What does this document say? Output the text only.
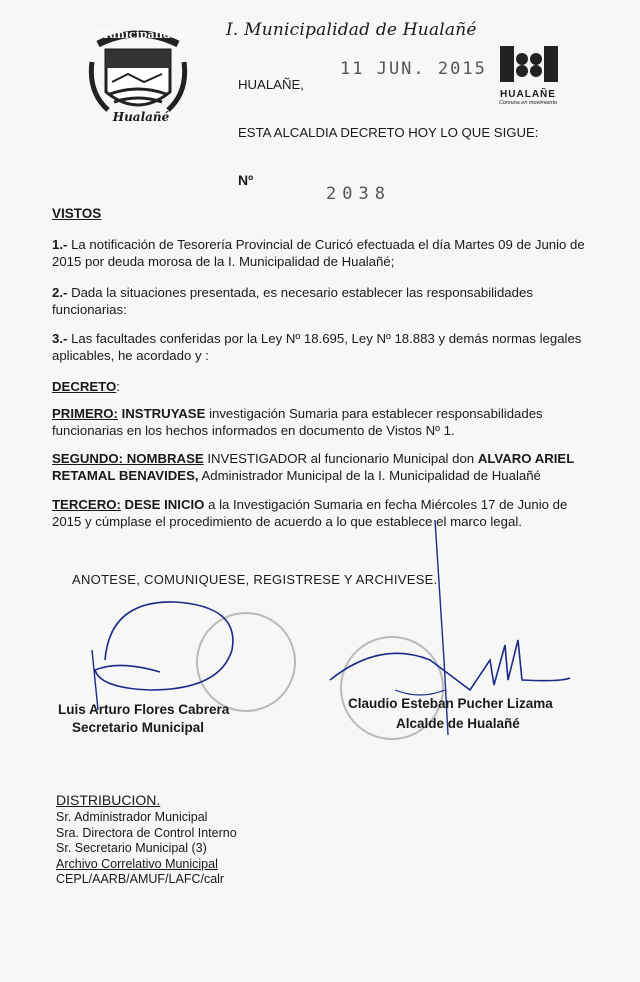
Municipalidad
Hualañé
I. Municipalidad de Hualañé
HUALAÑE,
11 JUN. 2015
HUALAÑE
Comuna en movimiento
ESTA ALCALDIA DECRETO HOY LO QUE SIGUE:
Nº
2038
VISTOS
1.- La notificación de Tesorería Provincial de Curicó efectuada el día Martes 09 de Junio de 2015 por deuda morosa de la I. Municipalidad de Hualañé;
2.- Dada la situaciones presentada, es necesario establecer las responsabilidades funcionarias:
3.- Las facultades conferidas por la Ley Nº 18.695, Ley Nº 18.883 y demás normas legales aplicables, he acordado y :
DECRETO:
PRIMERO: INSTRUYASE investigación Sumaria para establecer responsabilidades funcionarias en los hechos informados en documento de Vistos Nº 1.
SEGUNDO: NOMBRASE INVESTIGADOR al funcionario Municipal don ALVARO ARIEL RETAMAL BENAVIDES, Administrador Municipal de la I. Municipalidad de Hualañé
TERCERO: DESE INICIO a la Investigación Sumaria en fecha Miércoles 17 de Junio de 2015 y cúmplase el procedimiento de acuerdo a lo que establece el marco legal.
ANOTESE, COMUNIQUESE, REGISTRESE Y ARCHIVESE.
Luis Arturo Flores Cabrera
Secretario Municipal
Claudio Esteban Pucher Lizama
Alcalde de Hualañé
DISTRIBUCION.
Sr. Administrador Municipal
Sra. Directora de Control Interno
Sr. Secretario Municipal (3)
Archivo Correlativo Municipal
CEPL/AARB/AMUF/LAFC/calr
